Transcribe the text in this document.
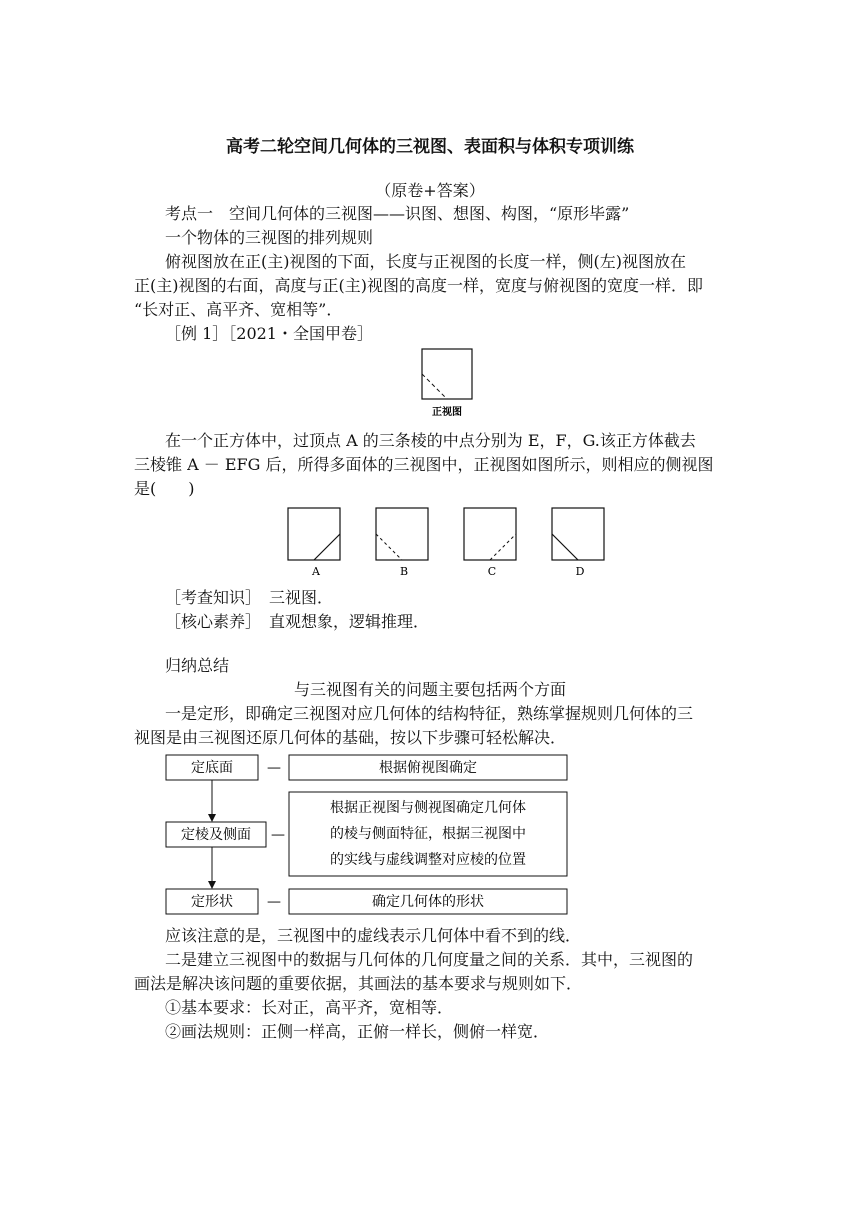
高考二轮空间几何体的三视图、表面积与体积专项训练
（原卷+答案）
考点一　空间几何体的三视图——识图、想图、构图，“原形毕露”
一个物体的三视图的排列规则
俯视图放在正(主)视图的下面，长度与正视图的长度一样，侧(左)视图放在
正(主)视图的右面，高度与正(主)视图的高度一样，宽度与俯视图的宽度一样．即
“长对正、高平齐、宽相等”．
［例 1］［2021・全国甲卷］
正视图
在一个正方体中，过顶点 A 的三条棱的中点分别为 E，F，G.该正方体截去
三棱锥 A － EFG 后，所得多面体的三视图中，正视图如图所示，则相应的侧视图
是(　　)
A	B	C	D
［考查知识］　三视图．
［核心素养］　直观想象，逻辑推理．
归纳总结
与三视图有关的问题主要包括两个方面
一是定形，即确定三视图对应几何体的结构特征，熟练掌握规则几何体的三
视图是由三视图还原几何体的基础，按以下步骤可轻松解决．
定底面 —	根据俯视图确定
定棱及侧面 —
根据正视图与侧视图确定几何体
的棱与侧面特征，根据三视图中
的实线与虚线调整对应棱的位置
定形状 —	确定几何体的形状
应该注意的是，三视图中的虚线表示几何体中看不到的线．
二是建立三视图中的数据与几何体的几何度量之间的关系．其中，三视图的
画法是解决该问题的重要依据，其画法的基本要求与规则如下．
①基本要求：长对正，高平齐，宽相等．
②画法规则：正侧一样高，正俯一样长，侧俯一样宽．
